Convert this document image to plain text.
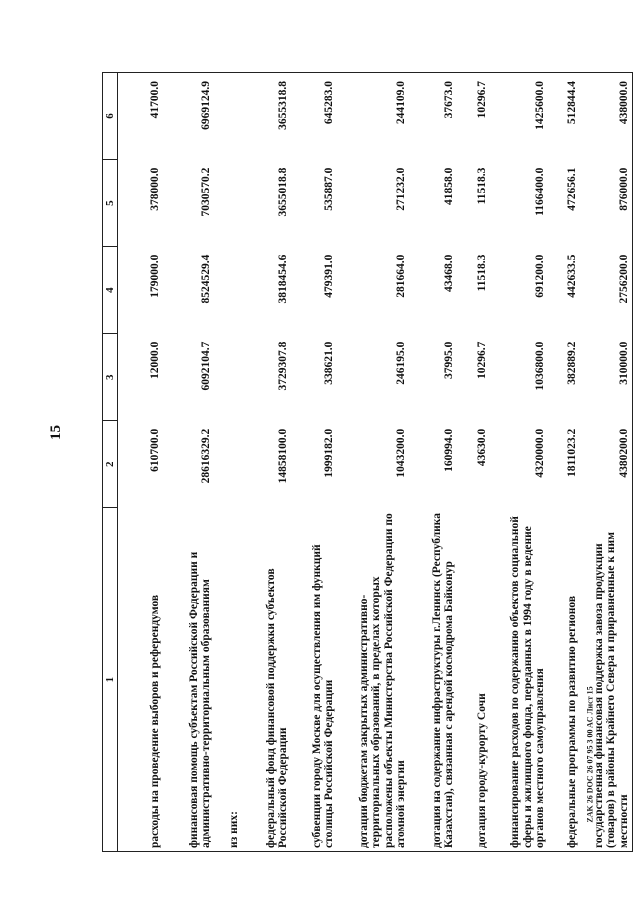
15
1	2	3	4	5	6

расходы на проведение выборов и референдумов	610700.0	12000.0	179000.0	378000.0	41700.0

финансовая помощь субъектам Российской Федерации и административно-территориальным образованиям	28616329.2	6092104.7	8524529.4	7030570.2	6969124.9

из них:					

федеральный фонд финансовой поддержки субъектов Российской Федерации	14858100.0	3729307.8	3818454.6	3655018.8	3655318.8

субвенции городу Москве для осуществления им функций столицы Российской Федерации	1999182.0	338621.0	479391.0	535887.0	645283.0

дотации бюджетам закрытых административно-территориальных образований, в пределах которых расположены объекты Министерства Российской Федерации по атомной энергии	1043200.0	246195.0	281664.0	271232.0	244109.0

дотация на содержание инфраструктуры г.Ленинск (Республика Казахстан), связанная с арендой космодрома Байконур	160994.0	37995.0	43468.0	41858.0	37673.0

дотация городу-курорту Сочи	43630.0	10296.7	11518.3	11518.3	10296.7

финансирование расходов по содержанию объектов социальной сферы и жилищного фонда, переданных в 1994 году в ведение органов местного самоуправления	4320000.0	1036800.0	691200.0	1166400.0	1425600.0

федеральные программы по развитию регионов	1811023.2	382889.2	442633.5	472656.1	512844.4

государственная финансовая поддержка завоза продукции (товаров) в районы Крайнего Севера и приравненные к ним местности	4380200.0	310000.0	2756200.0	876000.0	438000.0
ZAK 26 DOC 26 07 95 3 00 AC Лист 15
